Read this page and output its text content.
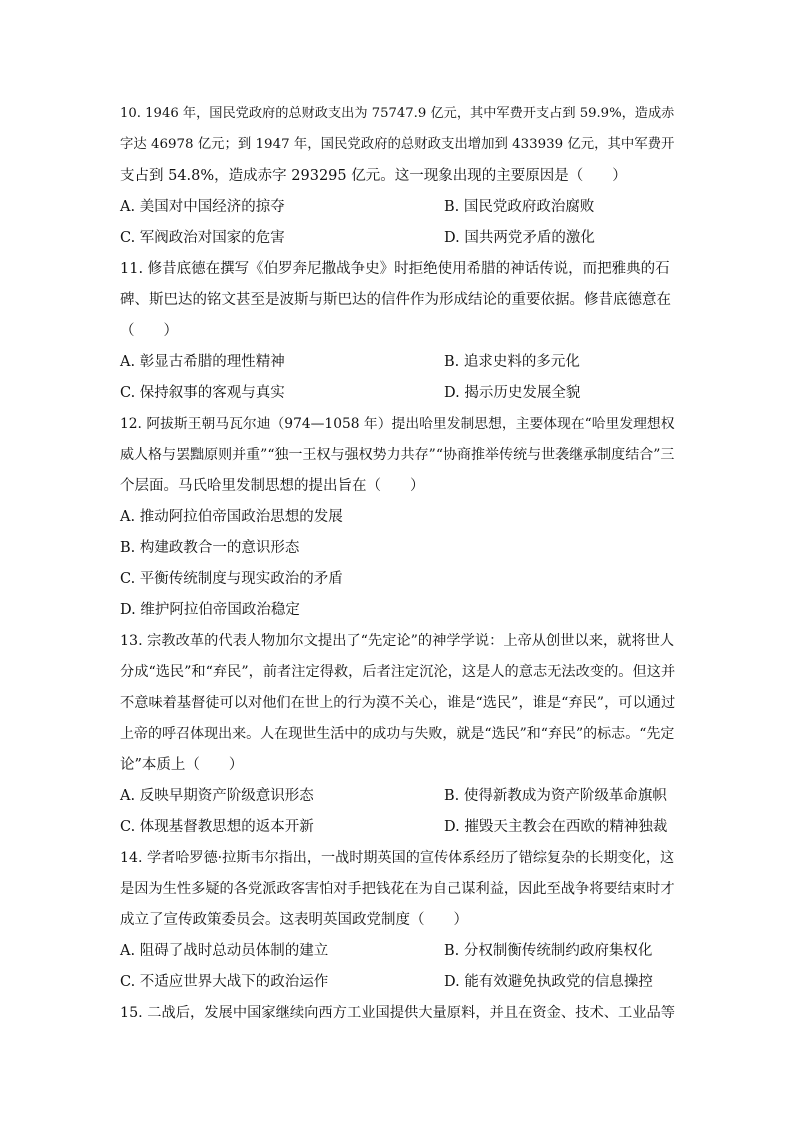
10. 1946 年，国民党政府的总财政支出为 75747.9 亿元，其中军费开支占到 59.9%，造成赤
字达 46978 亿元；到 1947 年，国民党政府的总财政支出增加到 433939 亿元，其中军费开
支占到 54.8%，造成赤字 293295 亿元。这一现象出现的主要原因是（　　）
A. 美国对中国经济的掠夺	B. 国民党政府政治腐败
C. 军阀政治对国家的危害	D. 国共两党矛盾的激化
11. 修昔底德在撰写《伯罗奔尼撒战争史》时拒绝使用希腊的神话传说，而把雅典的石
碑、斯巴达的铭文甚至是波斯与斯巴达的信件作为形成结论的重要依据。修昔底德意在
（　　）
A. 彰显古希腊的理性精神	B. 追求史料的多元化
C. 保持叙事的客观与真实	D. 揭示历史发展全貌
12. 阿拔斯王朝马瓦尔迪（974—1058 年）提出哈里发制思想，主要体现在“哈里发理想权
威人格与罢黜原则并重”“独一王权与强权势力共存”“协商推举传统与世袭继承制度结合”三
个层面。马氏哈里发制思想的提出旨在（　　）
A. 推动阿拉伯帝国政治思想的发展
B. 构建政教合一的意识形态
C. 平衡传统制度与现实政治的矛盾
D. 维护阿拉伯帝国政治稳定
13. 宗教改革的代表人物加尔文提出了“先定论”的神学学说：上帝从创世以来，就将世人
分成“选民”和“弃民”，前者注定得救，后者注定沉沦，这是人的意志无法改变的。但这并
不意味着基督徒可以对他们在世上的行为漠不关心，谁是“选民”，谁是“弃民”，可以通过
上帝的呼召体现出来。人在现世生活中的成功与失败，就是“选民”和“弃民”的标志。“先定
论”本质上（　　）
A. 反映早期资产阶级意识形态	B. 使得新教成为资产阶级革命旗帜
C. 体现基督教思想的返本开新	D. 摧毁天主教会在西欧的精神独裁
14. 学者哈罗德·拉斯韦尔指出，一战时期英国的宣传体系经历了错综复杂的长期变化，这
是因为生性多疑的各党派政客害怕对手把钱花在为自己谋利益，因此至战争将要结束时才
成立了宣传政策委员会。这表明英国政党制度（　　）
A. 阻碍了战时总动员体制的建立	B. 分权制衡传统制约政府集权化
C. 不适应世界大战下的政治运作	D. 能有效避免执政党的信息操控
15. 二战后，发展中国家继续向西方工业国提供大量原料，并且在资金、技术、工业品等
